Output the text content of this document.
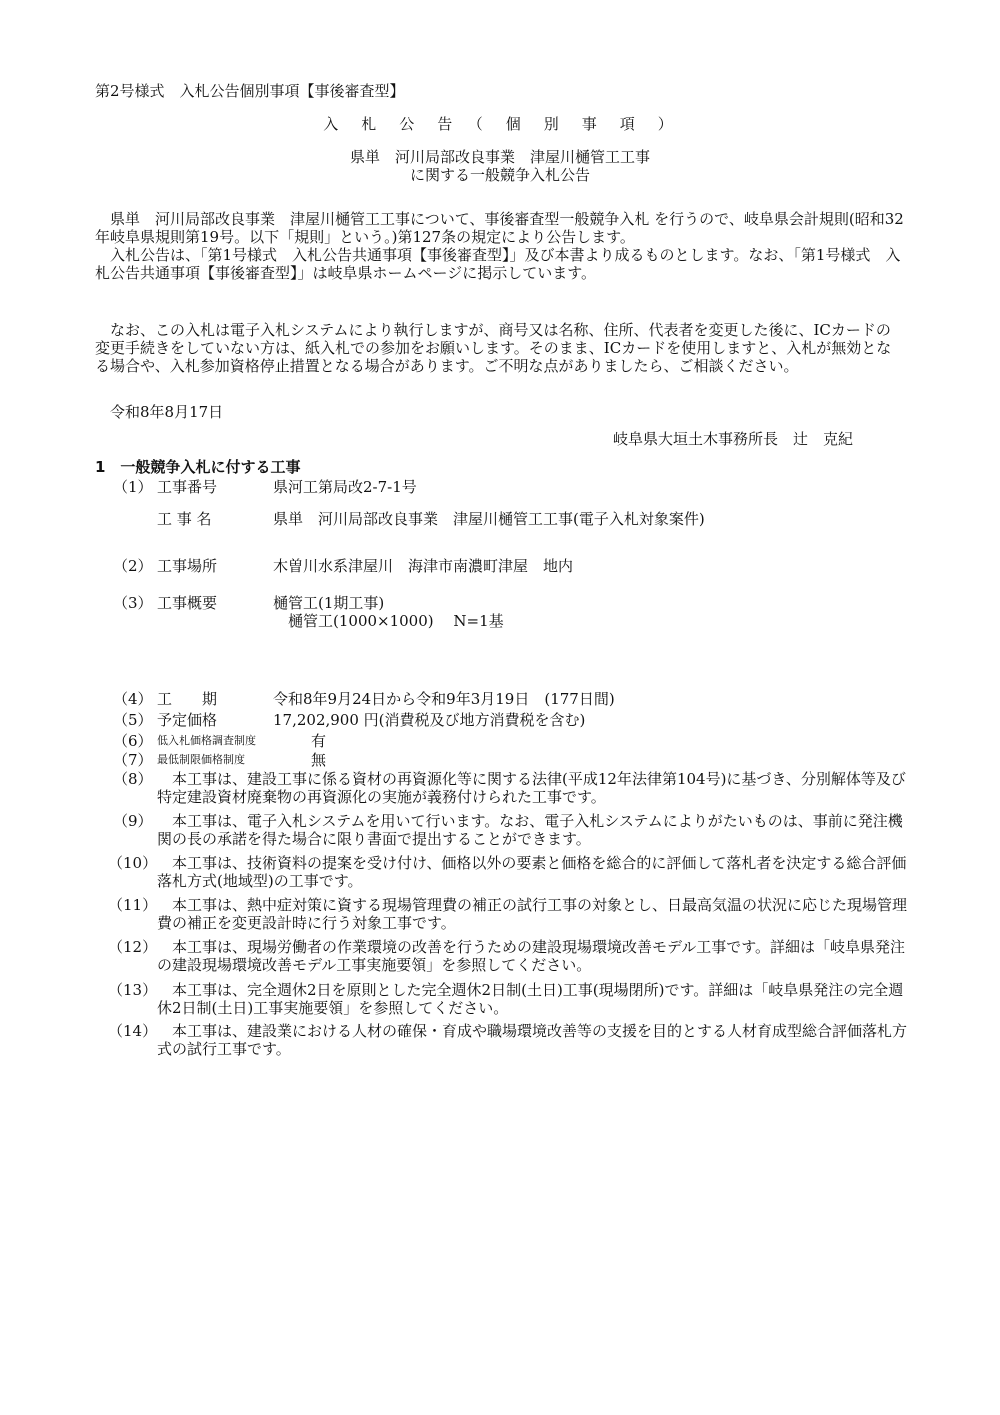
第2号様式　入札公告個別事項【事後審査型】
入　札　公　告　（　個　別　事　項　）
県単　河川局部改良事業　津屋川樋管工工事
に関する一般競争入札公告

　県単　河川局部改良事業　津屋川樋管工工事について、事後審査型一般競争入札 を行うので、岐阜県会計規則(昭和32年岐阜県規則第19号。以下「規則」という。)第127条の規定により公告します。
　入札公告は、「第1号様式　入札公告共通事項【事後審査型】」及び本書より成るものとします。なお、「第1号様式　入札公告共通事項【事後審査型】」は岐阜県ホームページに掲示しています。

　なお、この入札は電子入札システムにより執行しますが、商号又は名称、住所、代表者を変更した後に、ICカードの変更手続きをしていない方は、紙入札での参加をお願いします。そのまま、ICカードを使用しますと、入札が無効となる場合や、入札参加資格停止措置となる場合があります。ご不明な点がありましたら、ご相談ください。

令和8年8月17日
岐阜県大垣土木事務所長　辻　克紀
1　一般競争入札に付する工事
（1） 工事番号	県河工第局改2-7-1号
工 事 名	県単　河川局部改良事業　津屋川樋管工工事(電子入札対象案件)
（2） 工事場所	木曽川水系津屋川　海津市南濃町津屋　地内
（3） 工事概要	樋管工(1期工事)
　樋管工(1000×1000)　 N=1基
（4） 工　　期	令和8年9月24日から令和9年3月19日　(177日間)
（5） 予定価格	17,202,900 円(消費税及び地方消費税を含む)
（6） 低入札価格調査制度	有
（7） 最低制限価格制度	無
（8） 　本工事は、建設工事に係る資材の再資源化等に関する法律(平成12年法律第104号)に基づき、分別解体等及び特定建設資材廃棄物の再資源化の実施が義務付けられた工事です。

（9） 　本工事は、電子入札システムを用いて行います。なお、電子入札システムによりがたいものは、事前に発注機関の長の承諾を得た場合に限り書面で提出することができます。

（10） 　本工事は、技術資料の提案を受け付け、価格以外の要素と価格を総合的に評価して落札者を決定する総合評価落札方式(地域型)の工事です。

（11） 　本工事は、熱中症対策に資する現場管理費の補正の試行工事の対象とし、日最高気温の状況に応じた現場管理費の補正を変更設計時に行う対象工事です。

（12） 　本工事は、現場労働者の作業環境の改善を行うための建設現場環境改善モデル工事です。詳細は「岐阜県発注の建設現場環境改善モデル工事実施要領」を参照してください。

（13） 　本工事は、完全週休2日を原則とした完全週休2日制(土日)工事(現場閉所)です。詳細は「岐阜県発注の完全週休2日制(土日)工事実施要領」を参照してください。

（14） 　本工事は、建設業における人材の確保・育成や職場環境改善等の支援を目的とする人材育成型総合評価落札方式の試行工事です。
